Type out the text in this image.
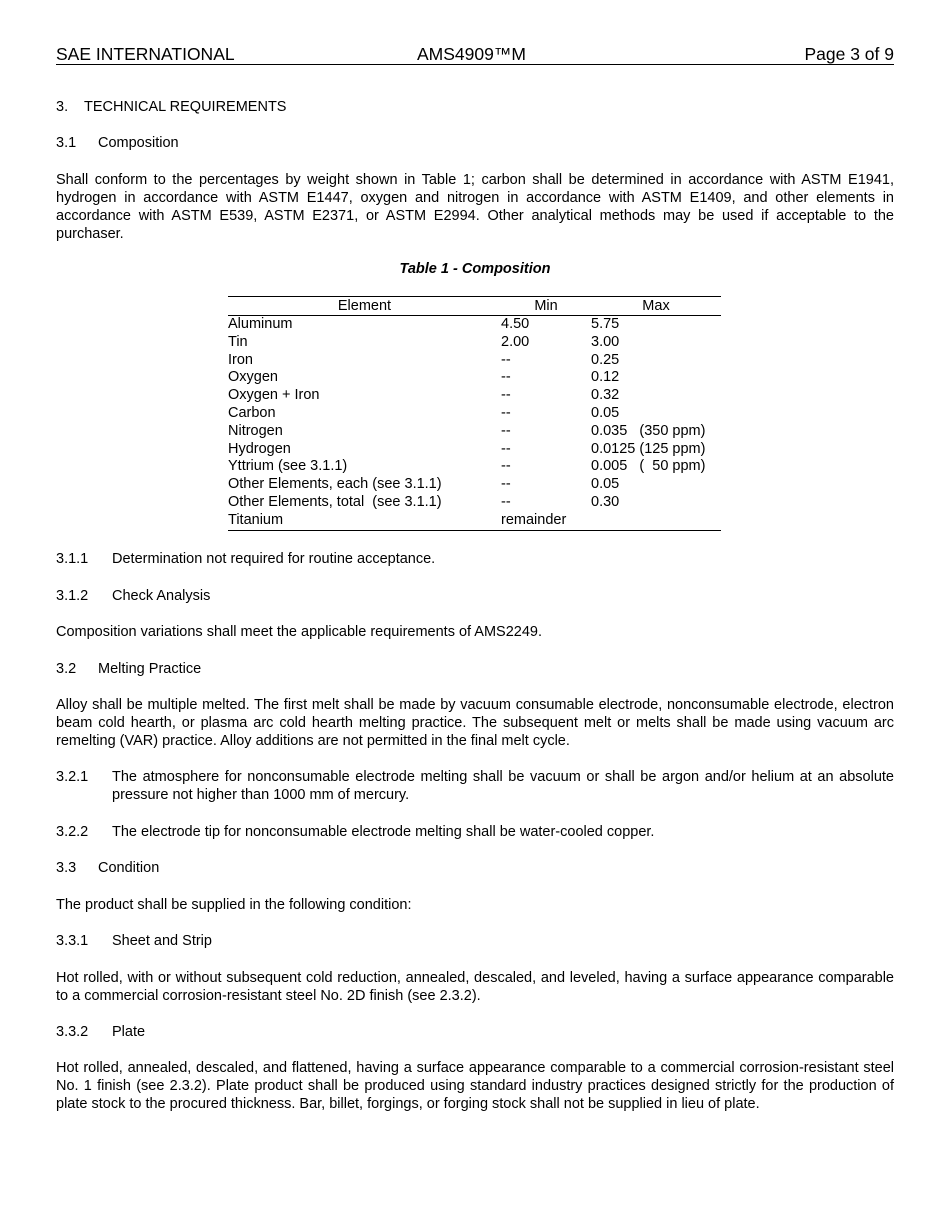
SAE INTERNATIONAL	AMS4909™M	Page 3 of 9
3. TECHNICAL REQUIREMENTS
3.1 Composition
Shall conform to the percentages by weight shown in Table 1; carbon shall be determined in accordance with ASTM E1941, hydrogen in accordance with ASTM E1447, oxygen and nitrogen in accordance with ASTM E1409, and other elements in accordance with ASTM E539, ASTM E2371, or ASTM E2994. Other analytical methods may be used if acceptable to the purchaser.
Table 1 - Composition
Element	Min	Max
Aluminum	4.50	5.75
Tin	2.00	3.00
Iron	--	0.25
Oxygen	--	0.12
Oxygen + Iron	--	0.32
Carbon	--	0.05
Nitrogen	--	0.035   (350 ppm)
Hydrogen	--	0.0125 (125 ppm)
Yttrium (see 3.1.1)	--	0.005   (  50 ppm)
Other Elements, each (see 3.1.1)	--	0.05
Other Elements, total  (see 3.1.1)	--	0.30
Titanium	remainder	
3.1.1 Determination not required for routine acceptance.
3.1.2 Check Analysis
Composition variations shall meet the applicable requirements of AMS2249.
3.2 Melting Practice
Alloy shall be multiple melted. The first melt shall be made by vacuum consumable electrode, nonconsumable electrode, electron beam cold hearth, or plasma arc cold hearth melting practice. The subsequent melt or melts shall be made using vacuum arc remelting (VAR) practice. Alloy additions are not permitted in the final melt cycle.
3.2.1 The atmosphere for nonconsumable electrode melting shall be vacuum or shall be argon and/or helium at an absolute pressure not higher than 1000 mm of mercury.
3.2.2 The electrode tip for nonconsumable electrode melting shall be water-cooled copper.
3.3 Condition
The product shall be supplied in the following condition:
3.3.1 Sheet and Strip
Hot rolled, with or without subsequent cold reduction, annealed, descaled, and leveled, having a surface appearance comparable to a commercial corrosion-resistant steel No. 2D finish (see 2.3.2).
3.3.2 Plate
Hot rolled, annealed, descaled, and flattened, having a surface appearance comparable to a commercial corrosion-resistant steel No. 1 finish (see 2.3.2). Plate product shall be produced using standard industry practices designed strictly for the production of plate stock to the procured thickness. Bar, billet, forgings, or forging stock shall not be supplied in lieu of plate.
